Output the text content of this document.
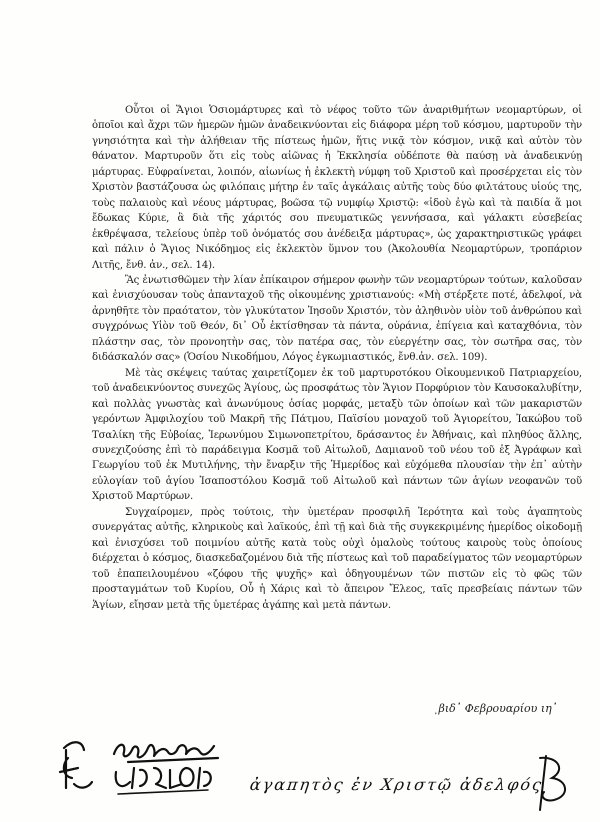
Οὗτοι οἱ Ἅγιοι Ὁσιομάρτυρες καὶ τὸ νέφος τοῦτο τῶν ἀναριθμήτων νεομαρτύρων, οἱ ὁποῖοι καὶ ἄχρι τῶν ἡμερῶν ἡμῶν ἀναδεικνύονται εἰς διάφορα μέρη τοῦ κόσμου, μαρτυροῦν τὴν γνησιότητα καὶ τὴν ἀλήθειαν τῆς πίστεως ἡμῶν, ἥτις νικᾷ τὸν κόσμον, νικᾷ καὶ αὐτὸν τὸν θάνατον. Μαρτυροῦν ὅτι εἰς τοὺς αἰῶνας ἡ Ἐκκλησία οὐδέποτε θὰ παύσῃ νὰ ἀναδεικνύῃ μάρτυρας. Εὐφραίνεται, λοιπόν, αἰωνίως ἡ ἐκλεκτὴ νύμφη τοῦ Χριστοῦ καὶ προσέρχεται εἰς τὸν Χριστὸν βαστάζουσα ὡς φιλόπαις μήτηρ ἐν ταῖς ἀγκάλαις αὐτῆς τοὺς δύο φιλτάτους υἱούς της, τοὺς παλαιοὺς καὶ νέους μάρτυρας, βοῶσα τῷ νυμφίῳ Χριστῷ: «ἰδοὺ ἐγὼ καὶ τὰ παιδία ἅ μοι ἔδωκας Κύριε, ἃ διὰ τῆς χάριτός σου πνευματικῶς γεννήσασα, καὶ γάλακτι εὐσεβείας ἐκθρέψασα, τελείους ὑπὲρ τοῦ ὀνόματός σου ἀνέδειξα μάρτυρας», ὡς χαρακτηριστικῶς γράφει καὶ πάλιν ὁ Ἅγιος Νικόδημος εἰς ἐκλεκτὸν ὕμνον του (Ἀκολουθία Νεομαρτύρων, τροπάριον Λιτῆς, ἔνθ. ἀν., σελ. 14).

Ἂς ἐνωτισθῶμεν τὴν λίαν ἐπίκαιρον σήμερον φωνὴν τῶν νεομαρτύρων τούτων, καλοῦσαν καὶ ἐνισχύουσαν τοὺς ἁπανταχοῦ τῆς οἰκουμένης χριστιανούς: «Μὴ στέρξετε ποτέ, ἀδελφοί, νὰ ἀρνηθῆτε τὸν πραότατον, τὸν γλυκύτατον Ἰησοῦν Χριστόν, τὸν ἀληθινὸν υἱὸν τοῦ ἀνθρώπου καὶ συγχρόνως Υἱὸν τοῦ Θεόν, δι᾽ Οὗ ἐκτίσθησαν τὰ πάντα, οὐράνια, ἐπίγεια καὶ καταχθόνια, τὸν πλάστην σας, τὸν προνοητὴν σας, τὸν πατέρα σας, τὸν εὐεργέτην σας, τὸν σωτῆρα σας, τὸν διδάσκαλόν σας» (Ὁσίου Νικοδήμου, Λόγος ἐγκωμιαστικός, ἔνθ.ἀν. σελ. 109).

Μὲ τὰς σκέψεις ταύτας χαιρετίζομεν ἐκ τοῦ μαρτυροτόκου Οἰκουμενικοῦ Πατριαρχείου, τοῦ ἀναδεικνύοντος συνεχῶς Ἁγίους, ὡς προσφάτως τὸν Ἅγιον Πορφύριον τὸν Καυσοκαλυβίτην, καὶ πολλὰς γνωστὰς καὶ ἀνωνύμους ὁσίας μορφάς, μεταξὺ τῶν ὁποίων καὶ τῶν μακαριστῶν γερόντων Ἀμφιλοχίου τοῦ Μακρῆ τῆς Πάτμου, Παϊσίου μοναχοῦ τοῦ Ἁγιορείτου, Ἰακώβου τοῦ Τσαλίκη τῆς Εὐβοίας, Ἱερωνύμου Σιμωνοπετρίτου, δράσαντος ἐν Ἀθήναις, καὶ πληθύος ἄλλης, συνεχιζούσης ἐπὶ τὸ παράδειγμα Κοσμᾶ τοῦ Αἰτωλοῦ, Δαμιανοῦ τοῦ νέου τοῦ ἐξ Ἀγράφων καὶ Γεωργίου τοῦ ἐκ Μυτιλήνης, τὴν ἔναρξιν τῆς Ἡμερίδος καὶ εὐχόμεθα πλουσίαν τὴν ἐπ᾽ αὐτὴν εὐλογίαν τοῦ ἁγίου Ἰσαποστόλου Κοσμᾶ τοῦ Αἰτωλοῦ καὶ πάντων τῶν ἁγίων νεοφανῶν τοῦ Χριστοῦ Μαρτύρων.

Συγχαίρομεν, πρὸς τούτοις, τὴν ὑμετέραν προσφιλῆ Ἱερότητα καὶ τοὺς ἀγαπητοὺς συνεργάτας αὐτῆς, κληρικοὺς καὶ λαϊκούς, ἐπὶ τῇ καὶ διὰ τῆς συγκεκριμένης ἡμερίδος οἰκοδομῇ καὶ ἐνισχύσει τοῦ ποιμνίου αὐτῆς κατὰ τοὺς οὐχὶ ὁμαλοὺς τούτους καιροὺς τοὺς ὁποίους διέρχεται ὁ κόσμος, διασκεδαζομένου διὰ τῆς πίστεως καὶ τοῦ παραδείγματος τῶν νεομαρτύρων τοῦ ἐπαπειλουμένου «ζόφου τῆς ψυχῆς» καὶ ὁδηγουμένων τῶν πιστῶν εἰς τὸ φῶς τῶν προσταγμάτων τοῦ Κυρίου, Οὗ ἡ Χάρις καὶ τὸ ἄπειρον Ἔλεος, ταῖς πρεσβείαις πάντων τῶν Ἁγίων, εἴησαν μετὰ τῆς ὑμετέρας ἀγάπης καὶ μετὰ πάντων.

ͺβιδ᾽ Φεβρουαρίου ιη᾽
ἀγαπητὸς ἐν Χριστῷ ἀδελφός
